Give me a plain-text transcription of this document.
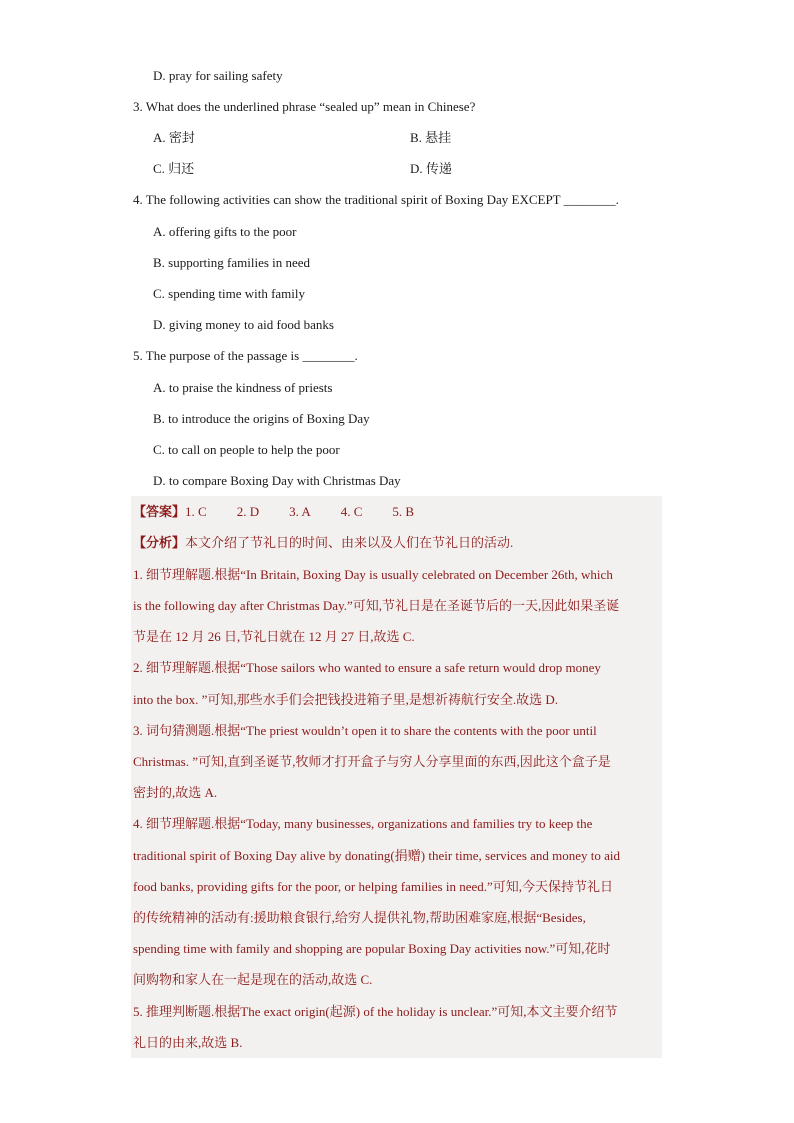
D. pray for sailing safety
3. What does the underlined phrase “sealed up” mean in Chinese?
A. 密封	B. 悬挂
C. 归还	D. 传递
4. The following activities can show the traditional spirit of Boxing Day EXCEPT ________.
A. offering gifts to the poor
B. supporting families in need
C. spending time with family
D. giving money to aid food banks
5. The purpose of the passage is ________.
A. to praise the kindness of priests
B. to introduce the origins of Boxing Day
C. to call on people to help the poor
D. to compare Boxing Day with Christmas Day
【答案】1. C 2. D 3. A 4. C 5. B
【分析】本文介绍了节礼日的时间、由来以及人们在节礼日的活动.
1. 细节理解题.根据“In Britain, Boxing Day is usually celebrated on December 26th, which
is the following day after Christmas Day.”可知,节礼日是在圣诞节后的一天,因此如果圣诞
节是在 12 月 26 日,节礼日就在 12 月 27 日,故选 C.
2. 细节理解题.根据“Those sailors who wanted to ensure a safe return would drop money
into the box. ”可知,那些水手们会把钱投进箱子里,是想祈祷航行安全.故选 D.
3. 词句猜测题.根据“The priest wouldn’t open it to share the contents with the poor until
Christmas. ”可知,直到圣诞节,牧师才打开盒子与穷人分享里面的东西,因此这个盒子是
密封的,故选 A.
4. 细节理解题.根据“Today, many businesses, organizations and families try to keep the
traditional spirit of Boxing Day alive by donating(捐赠) their time, services and money to aid
food banks, providing gifts for the poor, or helping families in need.”可知,今天保持节礼日
的传统精神的活动有:援助粮食银行,给穷人提供礼物,帮助困难家庭,根据“Besides,
spending time with family and shopping are popular Boxing Day activities now.”可知,花时
间购物和家人在一起是现在的活动,故选 C.
5. 推理判断题.根据The exact origin(起源) of the holiday is unclear.”可知,本文主要介绍节
礼日的由来,故选 B.
